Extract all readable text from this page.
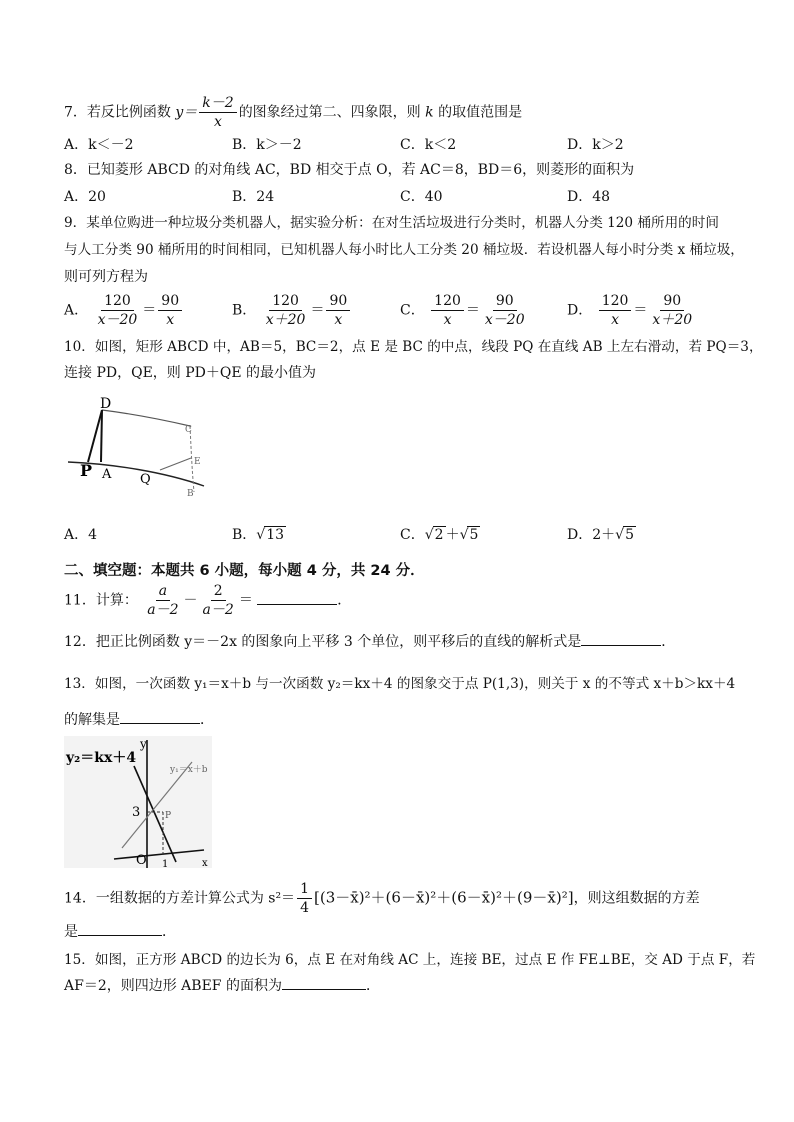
7．若反比例函数 $y= \frac{k-2}{x}$ 的图象经过第二、四象限，则 k 的取值范围是
A．k＜－2	B．k＞－2	C．k＜2	D．k＞2
8．已知菱形 ABCD 的对角线 AC，BD 相交于点 O，若 AC＝8，BD＝6，则菱形的面积为
A．20	B．24	C．40	D．48
9．某单位购进一种垃圾分类机器人，据实验分析：在对生活垃圾进行分类时，机器人分类 120 桶所用的时间
与人工分类 90 桶所用的时间相同，已知机器人每小时比人工分类 20 桶垃圾．若设机器人每小时分类 x 桶垃圾，
则可列方程为
A． $\frac{120}{x-20} = \frac{90}{x}$	B． $\frac{120}{x+20} = \frac{90}{x}$	C． $\frac{120}{x} = \frac{90}{x-20}$	D． $\frac{120}{x} = \frac{90}{x+20}$
10．如图，矩形 ABCD 中，AB＝5，BC＝2，点 E 是 BC 的中点，线段 PQ 在直线 AB 上左右滑动，若 PQ＝3，
连接 PD，QE，则 PD＋QE 的最小值为
D
P A Q
C
E
B
A．4	B．√13	C．√2 ＋√5	D．2＋√5
二、填空题：本题共 6 小题，每小题 4 分，共 24 分．
11．计算： $\frac{a}{a-2} - \frac{2}{a-2}$ ＝	．
12．把正比例函数 y＝－2x 的图象向上平移 3 个单位，则平移后的直线的解析式是	．
13．如图，一次函数 y₁＝x＋b 与一次函数 y₂＝kx＋4 的图象交于点 P(1,3)，则关于 x 的不等式 x＋b＞kx＋4
的解集是	．
y₂＝kx＋4
y₁＝x＋b
y
x
3	P
O 1
14．一组数据的方差计算公式为 $s^2= \frac{1}{4}$ [(3－x̄)²＋(6－x̄)²＋(6－x̄)²＋(9－x̄)²]，则这组数据的方差
是	．
15．如图，正方形 ABCD 的边长为 6，点 E 在对角线 AC 上，连接 BE，过点 E 作 FE⊥BE，交 AD 于点 F，若
AF＝2，则四边形 ABEF 的面积为	．
